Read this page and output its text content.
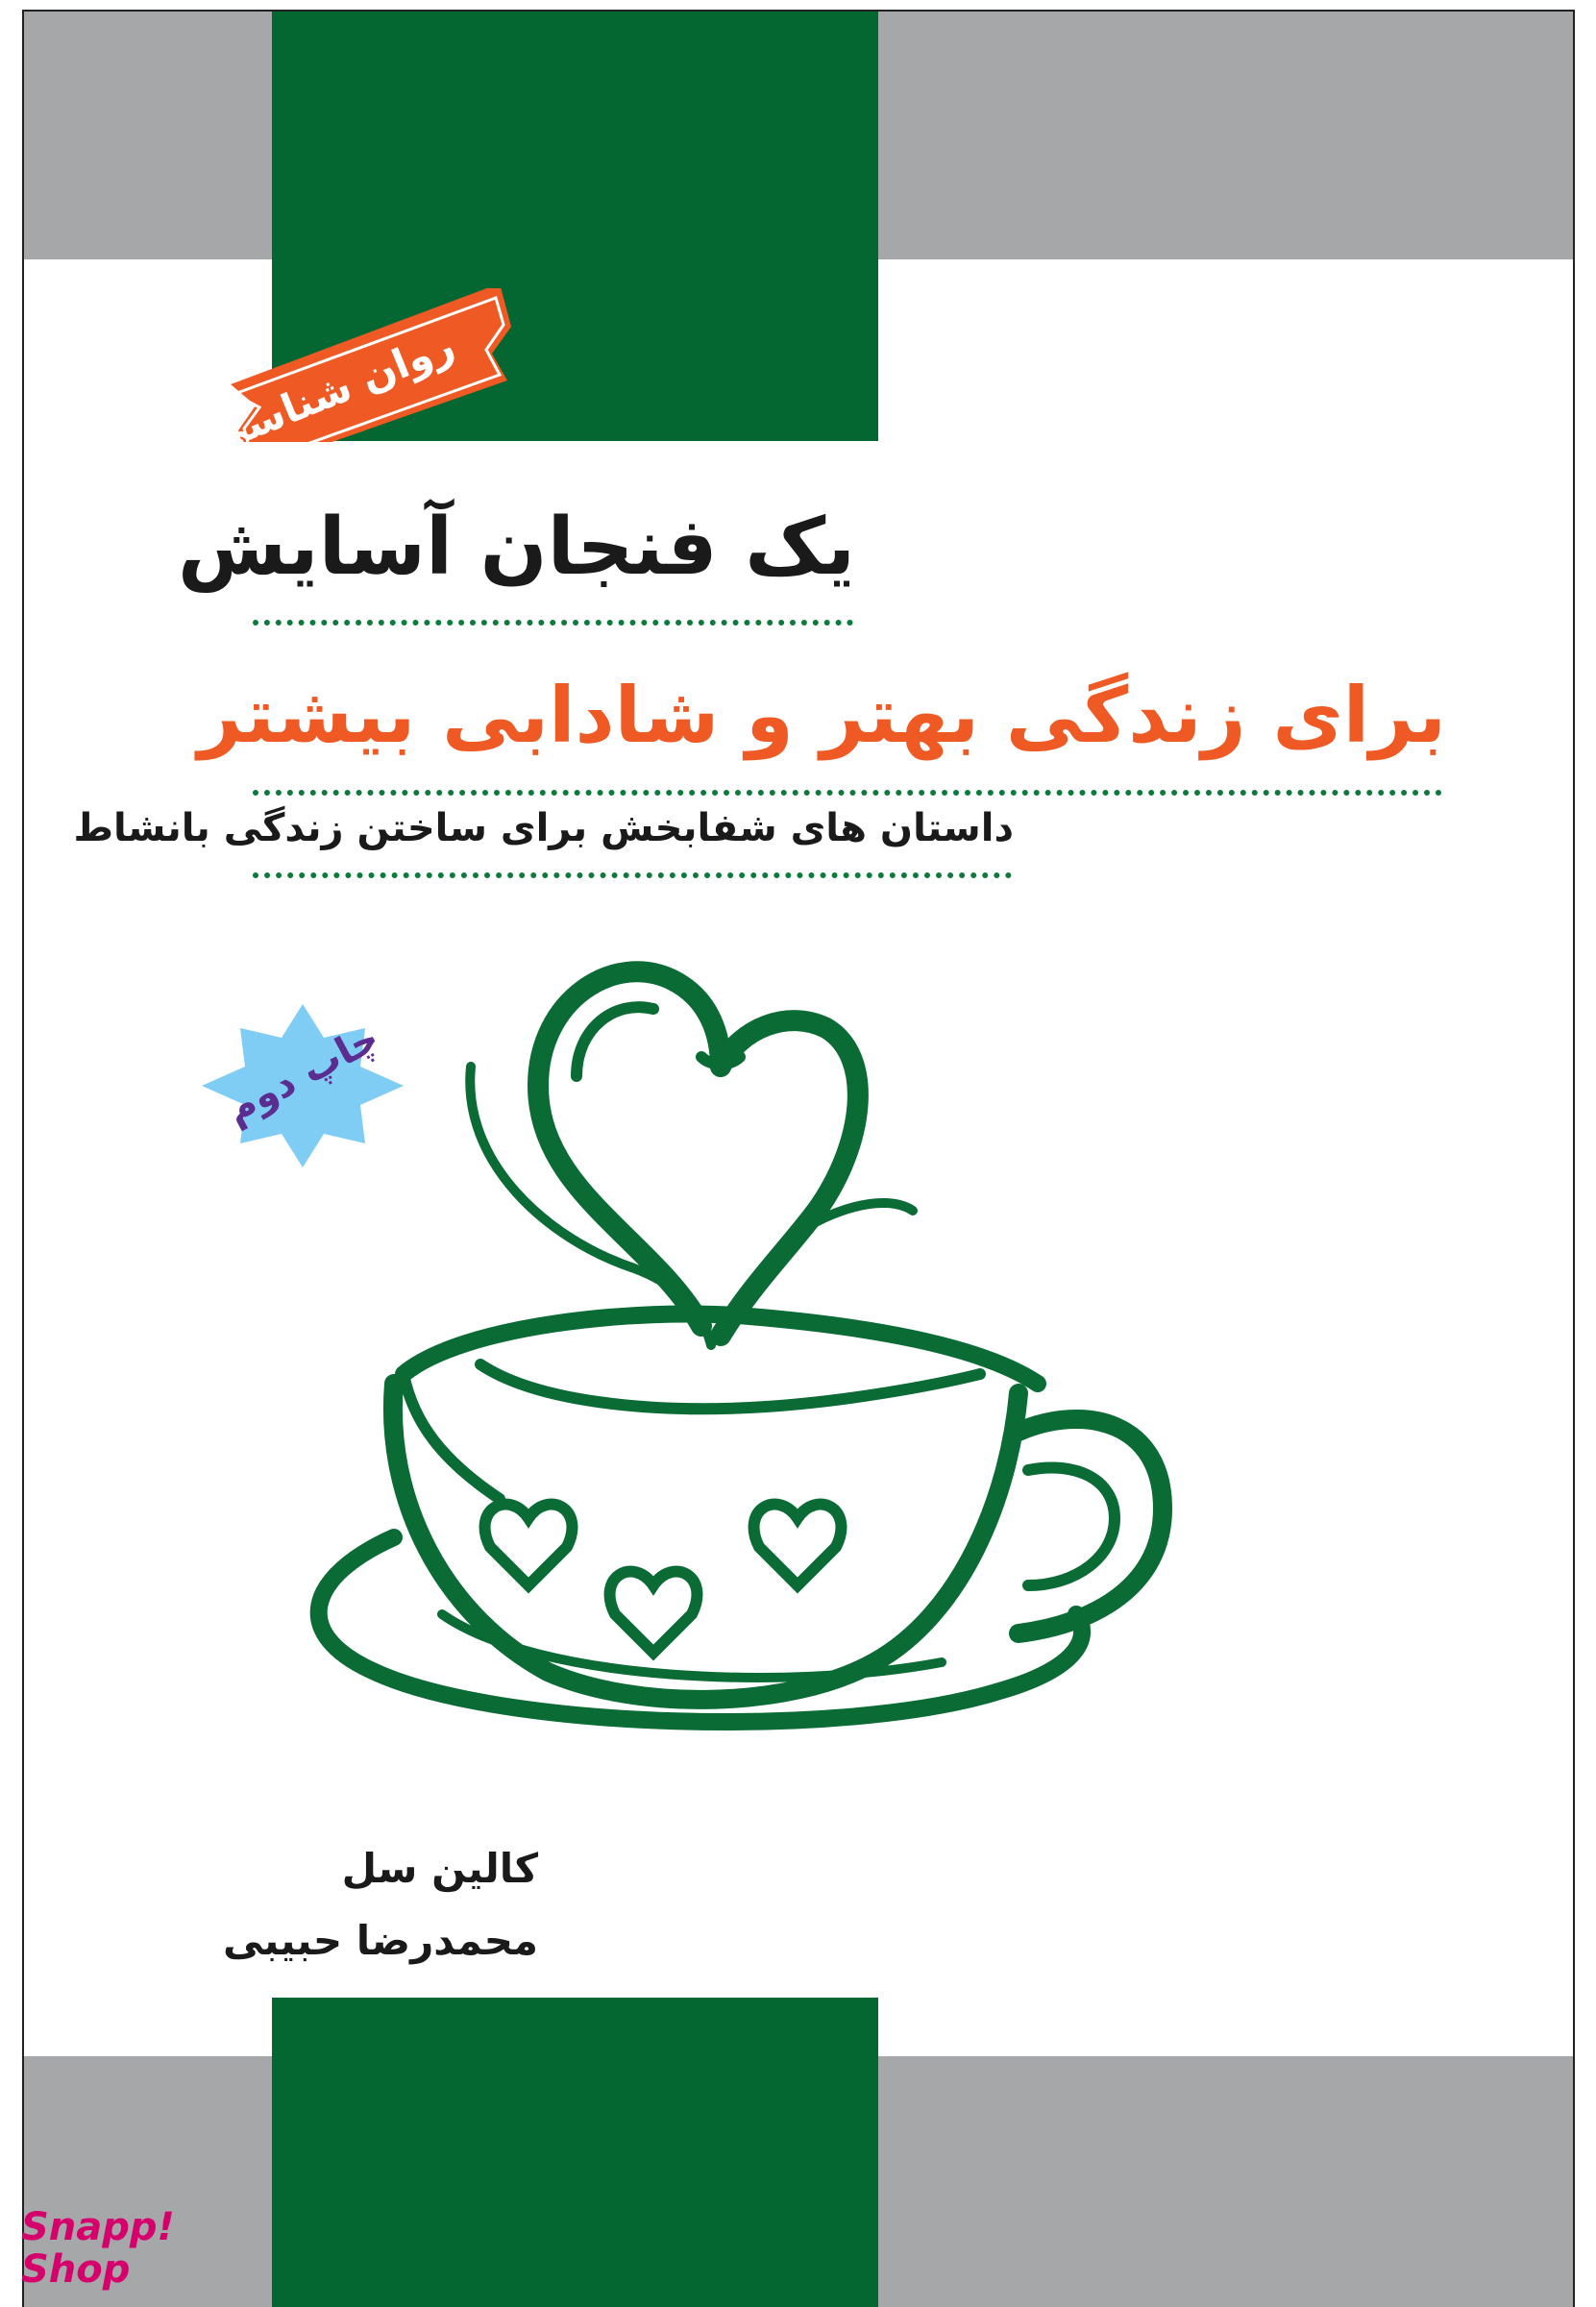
روان شناسی
یک فنجان آسایش
برای زندگی بهتر و شادابی بیشتر
داستان های شفابخش برای ساختن زندگی بانشاط
چاپ دوم
کالین سل
محمدرضا حبیبی
Snapp!
Shop
